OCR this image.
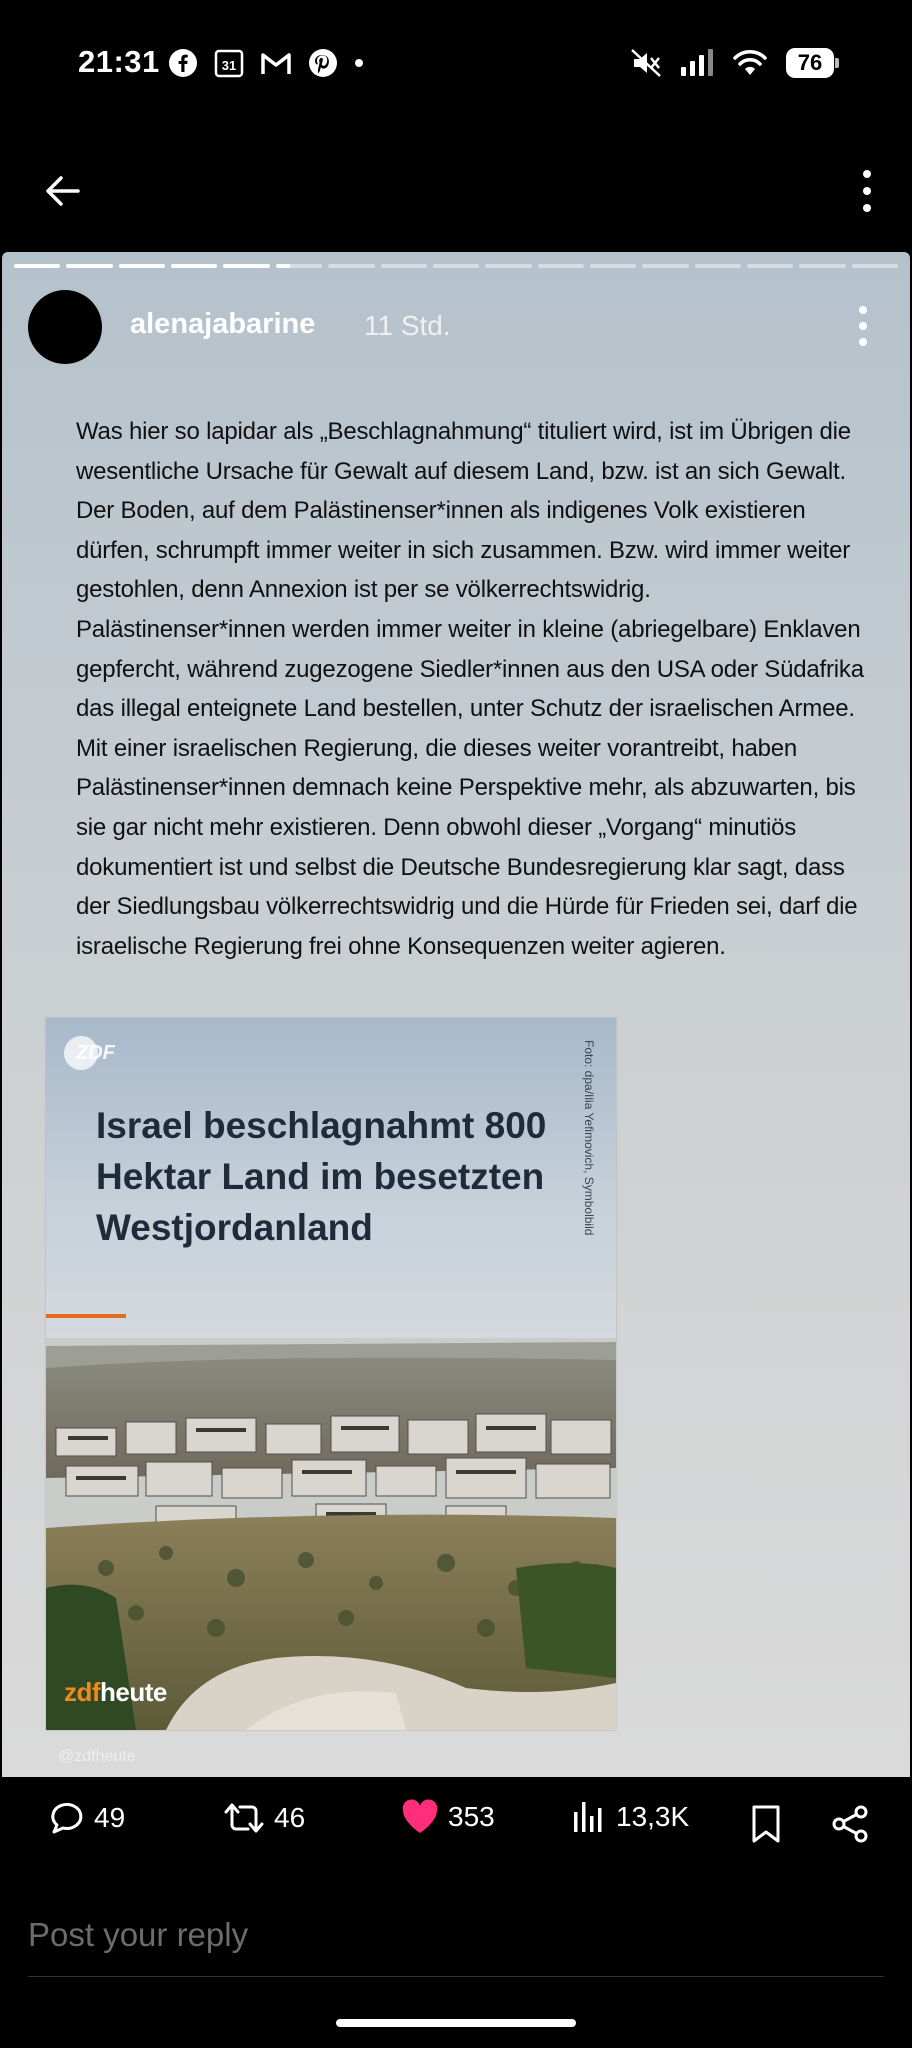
21:31	31	76
alenajabarine 11 Std.
Was hier so lapidar als „Beschlagnahmung“ tituliert wird, ist im Übrigen die
wesentliche Ursache für Gewalt auf diesem Land, bzw. ist an sich Gewalt.
Der Boden, auf dem Palästinenser*innen als indigenes Volk existieren
dürfen, schrumpft immer weiter in sich zusammen. Bzw. wird immer weiter
gestohlen, denn Annexion ist per se völkerrechtswidrig.
Palästinenser*innen werden immer weiter in kleine (abriegelbare) Enklaven
gepfercht, während zugezogene Siedler*innen aus den USA oder Südafrika
das illegal enteignete Land bestellen, unter Schutz der israelischen Armee.
Mit einer israelischen Regierung, die dieses weiter vorantreibt, haben
Palästinenser*innen demnach keine Perspektive mehr, als abzuwarten, bis
sie gar nicht mehr existieren. Denn obwohl dieser „Vorgang“ minutiös
dokumentiert ist und selbst die Deutsche Bundesregierung klar sagt, dass
der Siedlungsbau völkerrechtswidrig und die Hürde für Frieden sei, darf die
israelische Regierung frei ohne Konsequenzen weiter agieren.
ZDF
Israel beschlagnahmt 800 Hektar Land im besetzten Westjordanland	Foto: dpa/Ilia Yefimovich, Symbolbild
zdfheute
@zdfheute
49	46	353	13,3K
Post your reply
